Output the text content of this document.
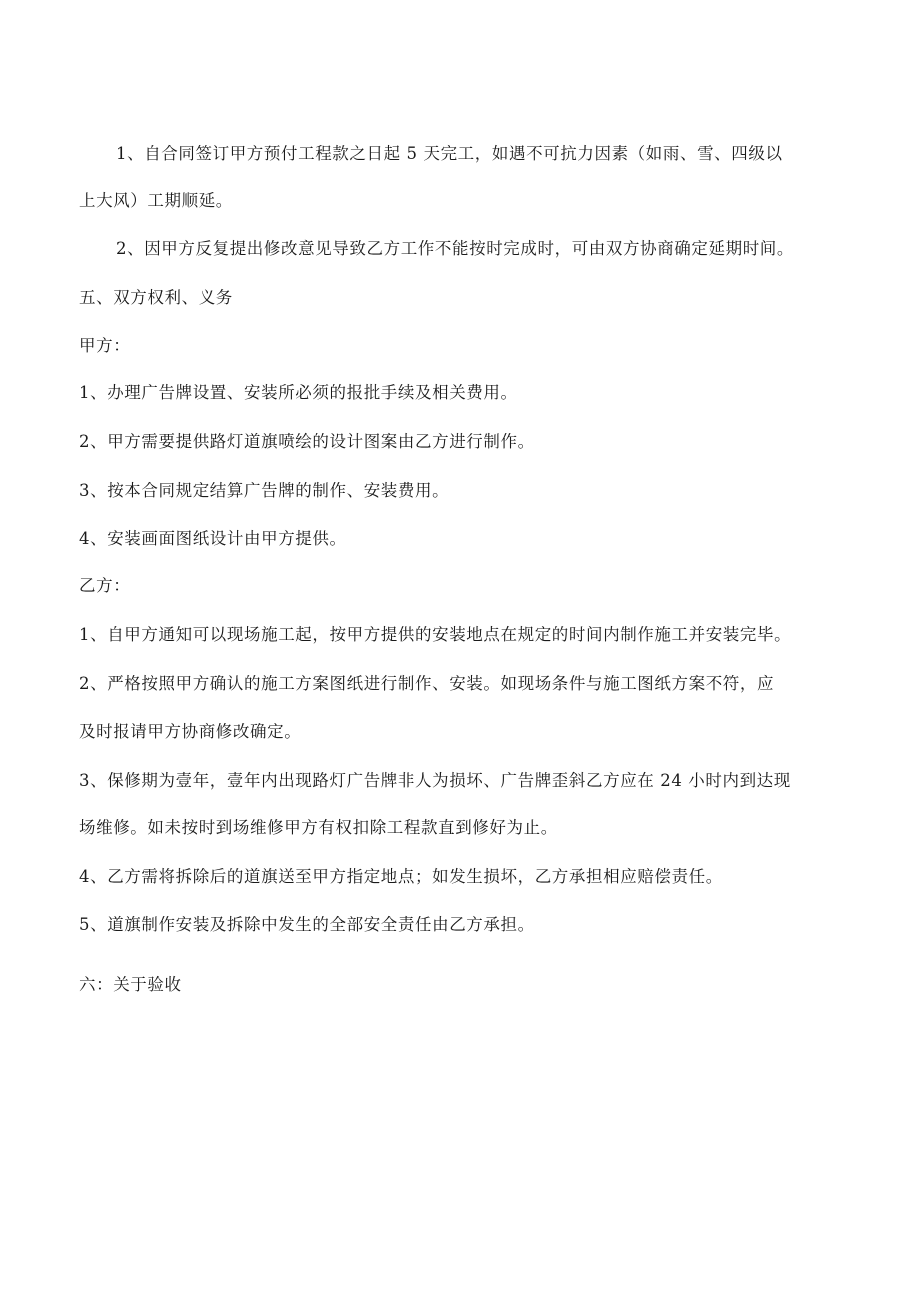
1、自合同签订甲方预付工程款之日起 5 天完工，如遇不可抗力因素（如雨、雪、四级以
上大风）工期顺延。
2、因甲方反复提出修改意见导致乙方工作不能按时完成时，可由双方协商确定延期时间。
五、双方权利、义务
甲方：
1、办理广告牌设置、安装所必须的报批手续及相关费用。
2、甲方需要提供路灯道旗喷绘的设计图案由乙方进行制作。
3、按本合同规定结算广告牌的制作、安装费用。
4、安装画面图纸设计由甲方提供。
乙方：
1、自甲方通知可以现场施工起，按甲方提供的安装地点在规定的时间内制作施工并安装完毕。
2、严格按照甲方确认的施工方案图纸进行制作、安装。如现场条件与施工图纸方案不符，应
及时报请甲方协商修改确定。
3、保修期为壹年，壹年内出现路灯广告牌非人为损坏、广告牌歪斜乙方应在 24 小时内到达现
场维修。如未按时到场维修甲方有权扣除工程款直到修好为止。
4、乙方需将拆除后的道旗送至甲方指定地点；如发生损坏，乙方承担相应赔偿责任。
5、道旗制作安装及拆除中发生的全部安全责任由乙方承担。
六：关于验收
